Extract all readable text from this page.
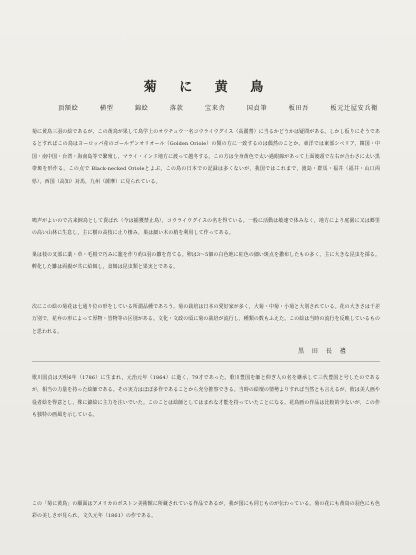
菊 に 黄 鳥
頂額絵	横型	錦絵	落款	宝来舎	国貞筆	板田吾	板元辻屋安兵衛

菊に黄鳥三羽の絵であるが、この黄鳥が果して鳥学上のオウチュウ一名コウライウグイス（高麗鶯）に当るかどうかは疑問がある。しかし仮りにそうであるとすればこの鳥はヨーロッパ産のゴールデンオリオール（Golden Oriole）の類の方に一致するのは偶然のことか。東洋では東部シベリア，韓国・中国・南中国・台湾・海南島等で繁殖し，マライ・インド地方に渡って越冬する。この方は全身黄色で太い過眼線があって上面後頭で左右が合わさに太い黒帯斑を形作る。この点で Black-necked Orioleとよぶ。この鳥の日本での記録は多くないが，我国ではこれまで，渡島・群馬・福井（福井・山口両県），西国（高知）対馬，九州（薩摩）に見られている。

鳴声がよいので古来飼鳥として貴ばれ（今は捕獲禁止鳥），コウライウグイスの名を得ている。一般に活動は敏速で体みなく，地方により庭園に又は郷里の高い山林に生息し，主に樹の高枝に止り棲み，巣は細い木の梢を利用して作ってある。

巣は枝の叉部に薬・草・毛根で巧みに籠を作り約3羽の雛を育てる。卵は3〜5個の白色地に紅色の細い斑点を撒布したもの多く，主に大きな昆虫を採る。孵化した雛は両親が共に給餌し，食餌は昆虫類と果実とである。

次にこの絵の菊花は七通り位の形をしている所謂品種であろう。菊の栽培は日本の愛好家が多く，大菊・中菊・小菊と大別されている。花の大きさは千差万別で，花弁の形によって厚物・管物等の区別がある。文化・文政の頃に菊の栽培が流行し，種類の数もふえた。この絵は当時の流行を反映しているものと思われる。

黒 田 長 禮

歌川国貞は天明6年（1786）に生まれ，元治元年（1864）に逝く，79才であった。歌川豊国を師と仰ぎ人の名を継承して三代豊国と号したのであるが，相当の力量を持った絵師である。その実力はほぼ多作であることから充分推察できる。当時の絵壇の情勢よりすれば当然とも言えるが，彼は美人画や役者絵を得意とし，殊に錦絵に主力を注いでいた。このことは絵師としてはまれな才能を持っていたことになる。花鳥画の作品は比較的少ないが，この作も独特の画風を示している。

この「菊に黄鳥」の願面はアメリカのボストン美術館に所蔵されている作品であるが，我が国にも同じものが伝わっている。菊の花にも黄鳥の羽色にも色彩の美しさが見られ，文久元年（1861）の作である。
